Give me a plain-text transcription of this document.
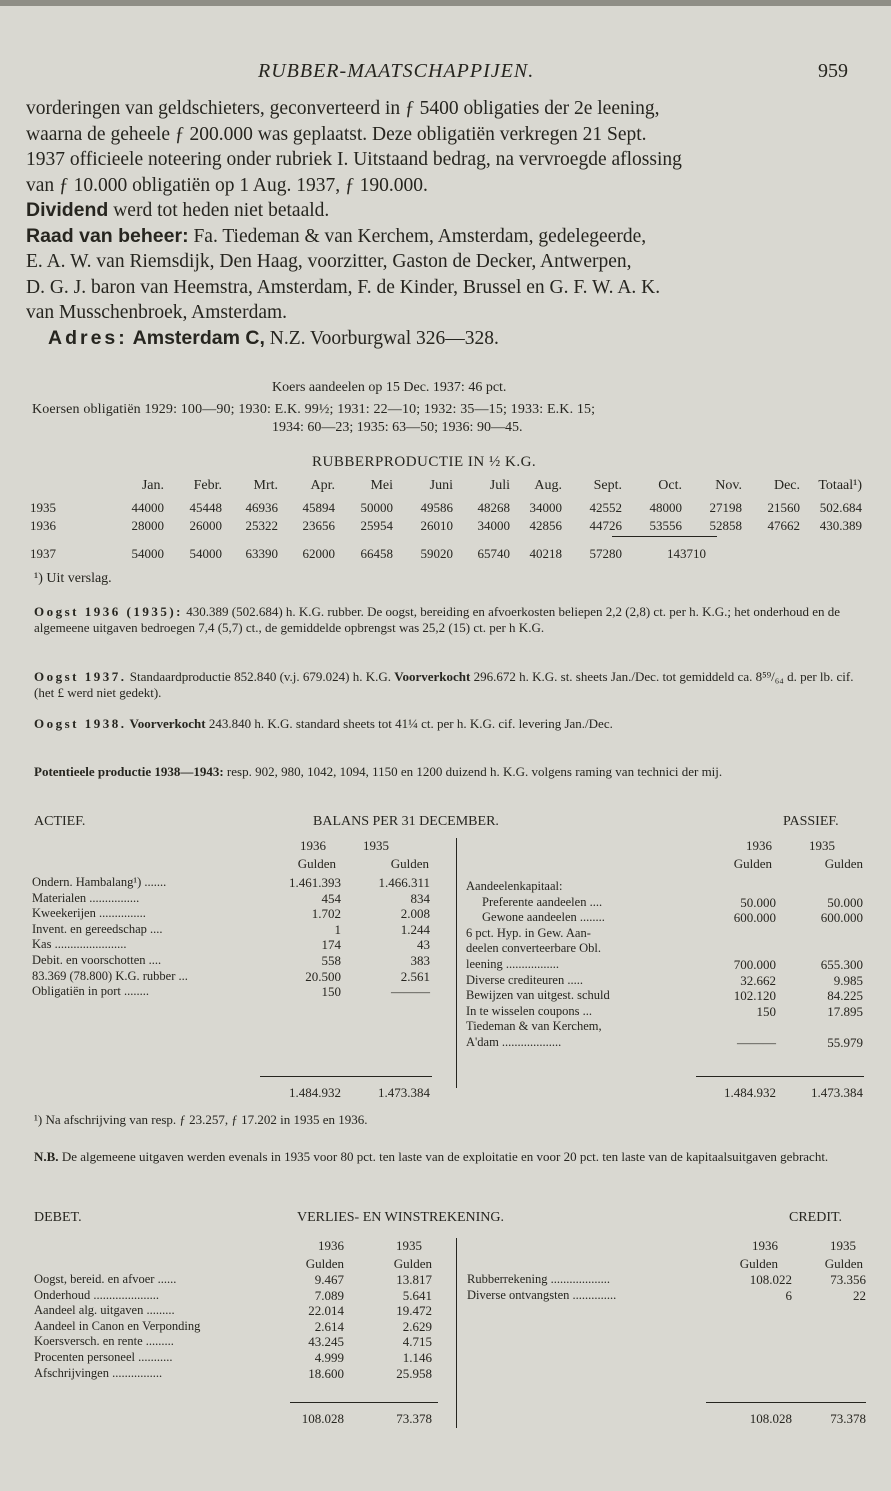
RUBBER-MAATSCHAPPIJEN.	959

vorderingen van geldschieters, geconverteerd in ƒ 5400 obligaties der 2e leening,

waarna de geheele ƒ 200.000 was geplaatst. Deze obligatiën verkregen 21 Sept.

1937 officieele noteering onder rubriek I. Uitstaand bedrag, na vervroegde aflossing

van ƒ 10.000 obligatiën op 1 Aug. 1937, ƒ 190.000.

Dividend werd tot heden niet betaald.

Raad van beheer: Fa. Tiedeman & van Kerchem, Amsterdam, gedelegeerde,

E. A. W. van Riemsdijk, Den Haag, voorzitter, Gaston de Decker, Antwerpen,

D. G. J. baron van Heemstra, Amsterdam, F. de Kinder, Brussel en G. F. W. A. K.

van Musschenbroek, Amsterdam.

Adres: Amsterdam C, N.Z. Voorburgwal 326—328.

Koers aandeelen op 15 Dec. 1937: 46 pct.
Koersen obligatiën 1929: 100—90; 1930: E.K. 99½; 1931: 22—10; 1932: 35—15; 1933: E.K. 15;
1934: 60—23; 1935: 63—50; 1936: 90—45.
RUBBERPRODUCTIE IN ½ K.G.
Jan. Febr. Mrt. Apr.	Mei	Juni	Juli Aug. Sept.	Oct. Nov. Dec. Totaal¹)
1935	44000 45448 46936 45894 50000 49586 48268 34000 42552 48000 27198 21560 502.684
1936	28000 26000 25322 23656 25954 26010 34000 42856 44726 53556 52858 47662 430.389
1937	54000 54000 63390 62000 66458 59020 65740 40218 57280	143710
¹) Uit verslag.

Oogst 1936 (1935): 430.389 (502.684) h. K.G. rubber. De oogst, bereiding en afvoerkosten beliepen 2,2 (2,8) ct. per h. K.G.; het onderhoud en de algemeene uitgaven bedroegen 7,4 (5,7) ct., de gemiddelde opbrengst was 25,2 (15) ct. per h K.G.

Oogst 1937. Standaardproductie 852.840 (v.j. 679.024) h. K.G. Voorverkocht 296.672 h. K.G. st. sheets Jan./Dec. tot gemiddeld ca. 8⁵⁹/₆₄ d. per lb. cif. (het £ werd niet gedekt).

Oogst 1938. Voorverkocht 243.840 h. K.G. standard sheets tot 41¼ ct. per h. K.G. cif. levering Jan./Dec.

Potentieele productie 1938—1943: resp. 902, 980, 1042, 1094, 1150 en 1200 duizend h. K.G. volgens raming van technici der mij.

ACTIEF.	BALANS PER 31 DECEMBER.	PASSIEF.
1936	1935
Gulden	Gulden
1936	1935
Gulden	Gulden
Ondern. Hambalang¹) .......	1.461.393	1.466.311
Materialen ................	454	834
Kweekerijen ...............	1.702	2.008
Invent. en gereedschap ....	1	1.244
Kas .......................	174	43
Debit. en voorschotten ....	558	383
83.369 (78.800) K.G. rubber ...	20.500	2.561
Obligatiën in port ........	150	———
Aandeelenkapitaal:
Preferente aandeelen ....	50.000	50.000
Gewone aandeelen ........	600.000	600.000
6 pct. Hyp. in Gew. Aan-
deelen converteerbare Obl.
leening .................	700.000	655.300
Diverse crediteuren .....	32.662	9.985
Bewijzen van uitgest. schuld	102.120	84.225
In te wisselen coupons ...	150	17.895
Tiedeman & van Kerchem,
A'dam ...................	———	55.979
1.484.932	1.473.384	1.484.932	1.473.384
¹) Na afschrijving van resp. ƒ 23.257, ƒ 17.202 in 1935 en 1936.

N.B. De algemeene uitgaven werden evenals in 1935 voor 80 pct. ten laste van de exploitatie en voor 20 pct. ten laste van de kapitaalsuitgaven gebracht.

DEBET.	VERLIES- EN WINSTREKENING.	CREDIT.
1936	1935
Gulden	Gulden
1936	1935
Gulden	Gulden
Oogst, bereid. en afvoer ......	9.467	13.817
Onderhoud .....................	7.089	5.641
Aandeel alg. uitgaven .........	22.014	19.472
Aandeel in Canon en Verponding	2.614	2.629
Koersversch. en rente .........	43.245	4.715
Procenten personeel ...........	4.999	1.146
Afschrijvingen ................	18.600	25.958
Rubberrekening ...................	108.022	73.356
Diverse ontvangsten ..............	6	22
108.028	73.378	108.028	73.378
